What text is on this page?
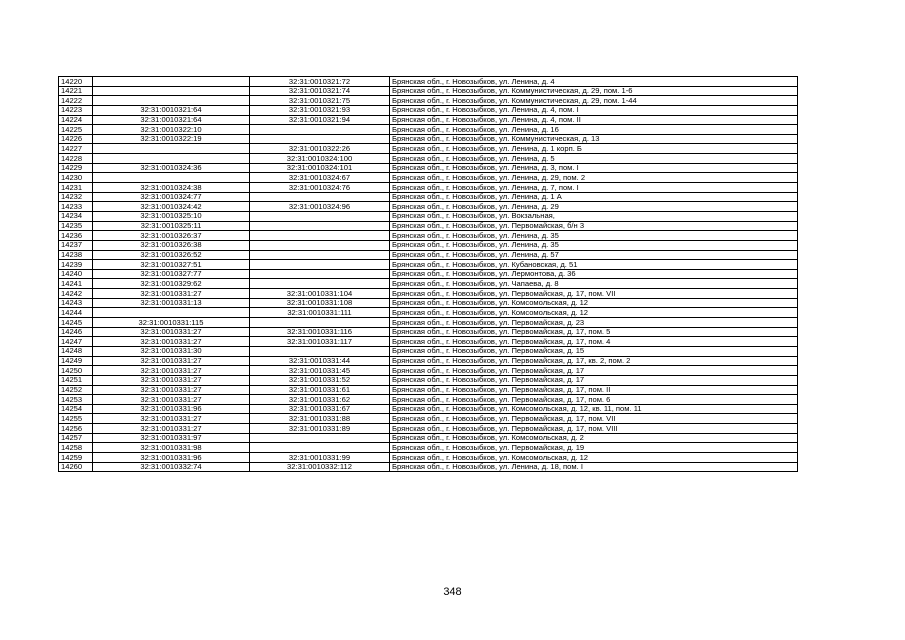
14220		32:31:0010321:72	Брянская обл., г. Новозыбков, ул. Ленина, д. 4
14221		32:31:0010321:74	Брянская обл., г. Новозыбков, ул. Коммунистическая, д. 29, пом. 1-6
14222		32:31:0010321:75	Брянская обл., г. Новозыбков, ул. Коммунистическая, д. 29, пом. 1-44
14223	32:31:0010321:64	32:31:0010321:93	Брянская обл., г. Новозыбков, ул. Ленина, д. 4, пом. I
14224	32:31:0010321:64	32:31:0010321:94	Брянская обл., г. Новозыбков, ул. Ленина, д. 4, пом. II
14225	32:31:0010322:10		Брянская обл., г. Новозыбков, ул. Ленина, д. 16
14226	32:31:0010322:19		Брянская обл., г. Новозыбков, ул. Коммунистическая, д. 13
14227		32:31:0010322:26	Брянская обл., г. Новозыбков, ул. Ленина, д. 1 корп. Б
14228		32:31:0010324:100	Брянская обл., г. Новозыбков, ул. Ленина, д. 5
14229	32:31:0010324:36	32:31:0010324:101	Брянская обл., г. Новозыбков, ул. Ленина, д. 3, пом. I
14230		32:31:0010324:67	Брянская обл., г. Новозыбков, ул. Ленина, д. 29, пом. 2
14231	32:31:0010324:38	32:31:0010324:76	Брянская обл., г. Новозыбков, ул. Ленина, д. 7, пом. I
14232	32:31:0010324:77		Брянская обл., г. Новозыбков, ул. Ленина, д. 1 А
14233	32:31:0010324:42	32:31:0010324:96	Брянская обл., г. Новозыбков, ул. Ленина, д. 29
14234	32:31:0010325:10		Брянская обл., г. Новозыбков, ул. Вокзальная,
14235	32:31:0010325:11		Брянская обл., г. Новозыбков, ул. Первомайская, б/н 3
14236	32:31:0010326:37		Брянская обл., г. Новозыбков, ул. Ленина, д. 35
14237	32:31:0010326:38		Брянская обл., г. Новозыбков, ул. Ленина, д. 35
14238	32:31:0010326:52		Брянская обл., г. Новозыбков, ул. Ленина, д. 57
14239	32:31:0010327:51		Брянская обл., г. Новозыбков, ул. Кубановская, д. 51
14240	32:31:0010327:77		Брянская обл., г. Новозыбков, ул. Лермонтова, д. 36
14241	32:31:0010329:62		Брянская обл., г. Новозыбков, ул. Чапаева, д. 8
14242	32:31:0010331:27	32:31:0010331:104	Брянская обл., г. Новозыбков, ул. Первомайская, д. 17, пом. VII
14243	32:31:0010331:13	32:31:0010331:108	Брянская обл., г. Новозыбков, ул. Комсомольская, д. 12
14244		32:31:0010331:111	Брянская обл., г. Новозыбков, ул. Комсомольская, д. 12
14245	32:31:0010331:115		Брянская обл., г. Новозыбков, ул. Первомайская, д. 23
14246	32:31:0010331:27	32:31:0010331:116	Брянская обл., г. Новозыбков, ул. Первомайская, д. 17, пом. 5
14247	32:31:0010331:27	32:31:0010331:117	Брянская обл., г. Новозыбков, ул. Первомайская, д. 17, пом. 4
14248	32:31:0010331:30		Брянская обл., г. Новозыбков, ул. Первомайская, д. 15
14249	32:31:0010331:27	32:31:0010331:44	Брянская обл., г. Новозыбков, ул. Первомайская, д. 17, кв. 2, пом. 2
14250	32:31:0010331:27	32:31:0010331:45	Брянская обл., г. Новозыбков, ул. Первомайская, д. 17
14251	32:31:0010331:27	32:31:0010331:52	Брянская обл., г. Новозыбков, ул. Первомайская, д. 17
14252	32:31:0010331:27	32:31:0010331:61	Брянская обл., г. Новозыбков, ул. Первомайская, д. 17, пом. II
14253	32:31:0010331:27	32:31:0010331:62	Брянская обл., г. Новозыбков, ул. Первомайская, д. 17, пом. 6
14254	32:31:0010331:96	32:31:0010331:67	Брянская обл., г. Новозыбков, ул. Комсомольская, д. 12, кв. 11, пом. 11
14255	32:31:0010331:27	32:31:0010331:88	Брянская обл., г. Новозыбков, ул. Первомайская, д. 17, пом. VII
14256	32:31:0010331:27	32:31:0010331:89	Брянская обл., г. Новозыбков, ул. Первомайская, д. 17, пом. VIII
14257	32:31:0010331:97		Брянская обл., г. Новозыбков, ул. Комсомольская, д. 2
14258	32:31:0010331:98		Брянская обл., г. Новозыбков, ул. Первомайская, д. 19
14259	32:31:0010331:96	32:31:0010331:99	Брянская обл., г. Новозыбков, ул. Комсомольская, д. 12
14260	32:31:0010332:74	32:31:0010332:112	Брянская обл., г. Новозыбков, ул. Ленина, д. 18, пом. I
348
